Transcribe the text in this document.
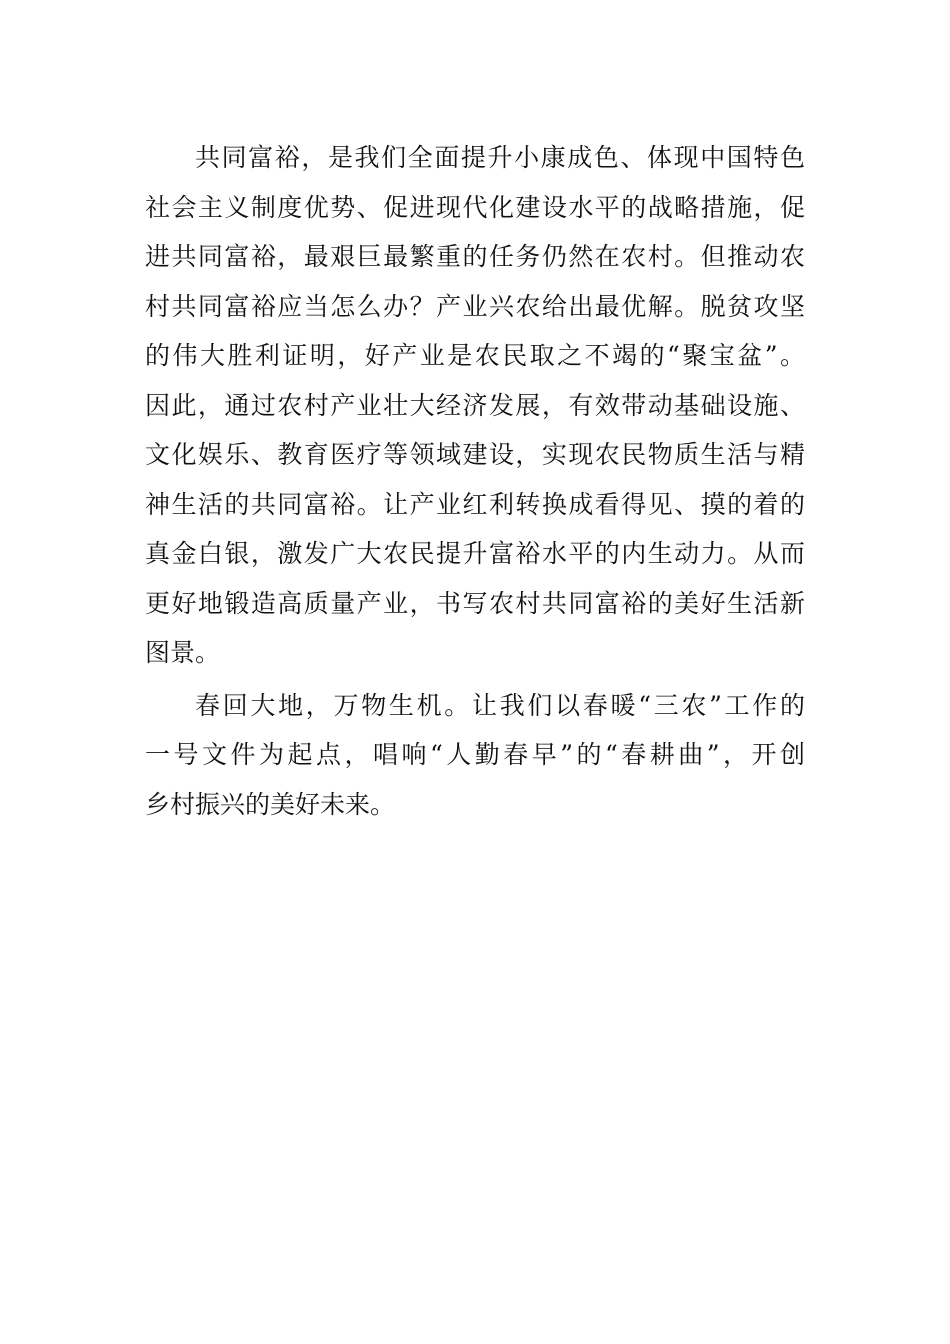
共同富裕，是我们全面提升小康成色、体现中国特色
社会主义制度优势、促进现代化建设水平的战略措施，促
进共同富裕，最艰巨最繁重的任务仍然在农村。但推动农
村共同富裕应当怎么办？产业兴农给出最优解。脱贫攻坚
的伟大胜利证明，好产业是农民取之不竭的“聚宝盆”。
因此，通过农村产业壮大经济发展，有效带动基础设施、
文化娱乐、教育医疗等领域建设，实现农民物质生活与精
神生活的共同富裕。让产业红利转换成看得见、摸的着的
真金白银，激发广大农民提升富裕水平的内生动力。从而
更好地锻造高质量产业，书写农村共同富裕的美好生活新
图景。
春回大地，万物生机。让我们以春暖“三农”工作的
一号文件为起点，唱响“人勤春早”的“春耕曲”，开创
乡村振兴的美好未来。
